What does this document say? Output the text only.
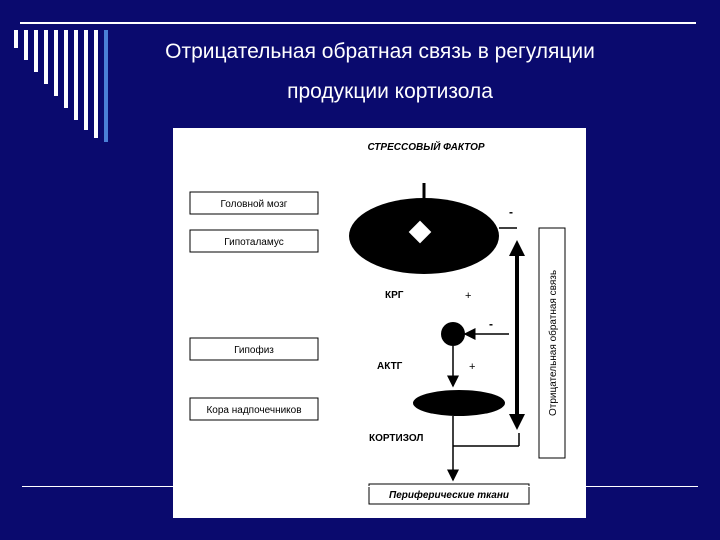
Отрицательная обратная связь в регуляции
продукции кортизола
СТРЕССОВЫЙ ФАКТОР
Головной мозг
Гипоталамус
Гипофиз
Кора надпочечников
-
КРГ	+
-
АКТГ	+
КОРТИЗОЛ
Отрицательная обратная связь
Периферические ткани
